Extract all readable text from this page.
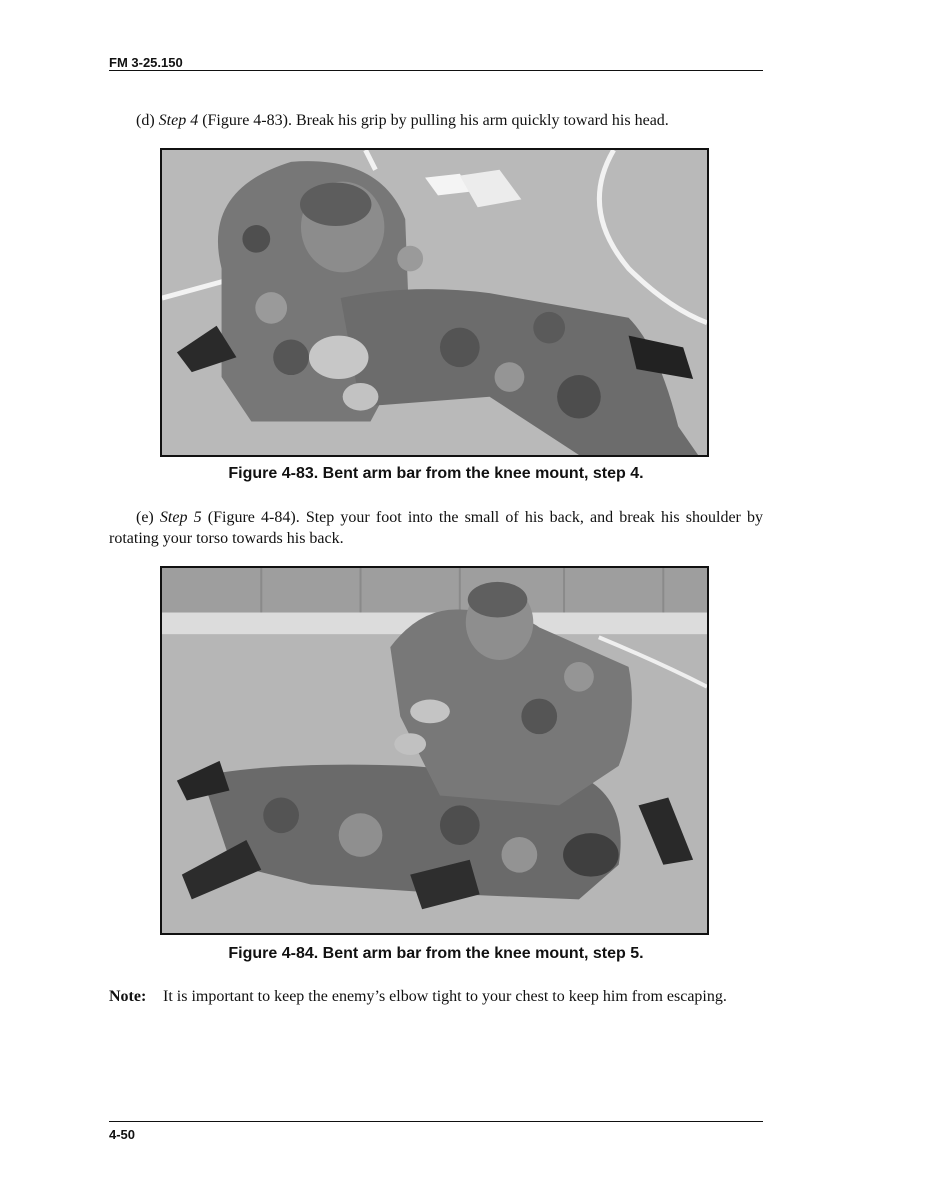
FM 3-25.150
(d) Step 4 (Figure 4-83). Break his grip by pulling his arm quickly toward his head.
Figure 4-83. Bent arm bar from the knee mount, step 4.
(e) Step 5 (Figure 4-84). Step your foot into the small of his back, and break his shoulder by rotating your torso towards his back.
Figure 4-84. Bent arm bar from the knee mount, step 5.
Note: It is important to keep the enemy’s elbow tight to your chest to keep him from escaping.
4-50
